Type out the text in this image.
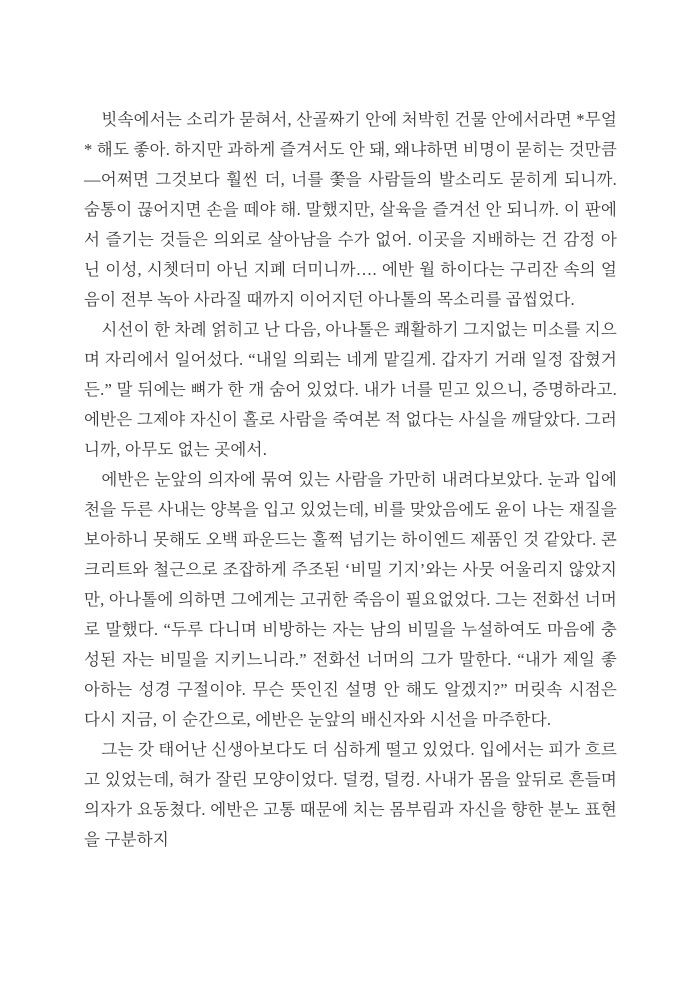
빗속에서는 소리가 묻혀서, 산골짜기 안에 처박힌 건물 안에서라면 *무얼* 해도 좋아. 하지만 과하게 즐겨서도 안 돼, 왜냐하면 비명이 묻히는 것만큼—어쩌면 그것보다 훨씬 더, 너를 쫓을 사람들의 발소리도 묻히게 되니까. 숨통이 끊어지면 손을 떼야 해. 말했지만, 살육을 즐겨선 안 되니까. 이 판에서 즐기는 것들은 의외로 살아남을 수가 없어. 이곳을 지배하는 건 감정 아닌 이성, 시쳇더미 아닌 지폐 더미니까…. 에반 월 하이다는 구리잔 속의 얼음이 전부 녹아 사라질 때까지 이어지던 아나톨의 목소리를 곱씹었다.

시선이 한 차례 얽히고 난 다음, 아나톨은 쾌활하기 그지없는 미소를 지으며 자리에서 일어섰다. “내일 의뢰는 네게 맡길게. 갑자기 거래 일정 잡혔거든.” 말 뒤에는 뼈가 한 개 숨어 있었다. 내가 너를 믿고 있으니, 증명하라고. 에반은 그제야 자신이 홀로 사람을 죽여본 적 없다는 사실을 깨달았다. 그러니까, 아무도 없는 곳에서.

에반은 눈앞의 의자에 묶여 있는 사람을 가만히 내려다보았다. 눈과 입에 천을 두른 사내는 양복을 입고 있었는데, 비를 맞았음에도 윤이 나는 재질을 보아하니 못해도 오백 파운드는 훌쩍 넘기는 하이엔드 제품인 것 같았다. 콘크리트와 철근으로 조잡하게 주조된 ‘비밀 기지’와는 사뭇 어울리지 않았지만, 아나톨에 의하면 그에게는 고귀한 죽음이 필요없었다. 그는 전화선 너머로 말했다. “두루 다니며 비방하는 자는 남의 비밀을 누설하여도 마음에 충성된 자는 비밀을 지키느니라.” 전화선 너머의 그가 말한다. “내가 제일 좋아하는 성경 구절이야. 무슨 뜻인진 설명 안 해도 알겠지?” 머릿속 시점은 다시 지금, 이 순간으로, 에반은 눈앞의 배신자와 시선을 마주한다.

그는 갓 태어난 신생아보다도 더 심하게 떨고 있었다. 입에서는 피가 흐르고 있었는데, 혀가 잘린 모양이었다. 덜컹, 덜컹. 사내가 몸을 앞뒤로 흔들며 의자가 요동쳤다. 에반은 고통 때문에 치는 몸부림과 자신을 향한 분노 표현을 구분하지
